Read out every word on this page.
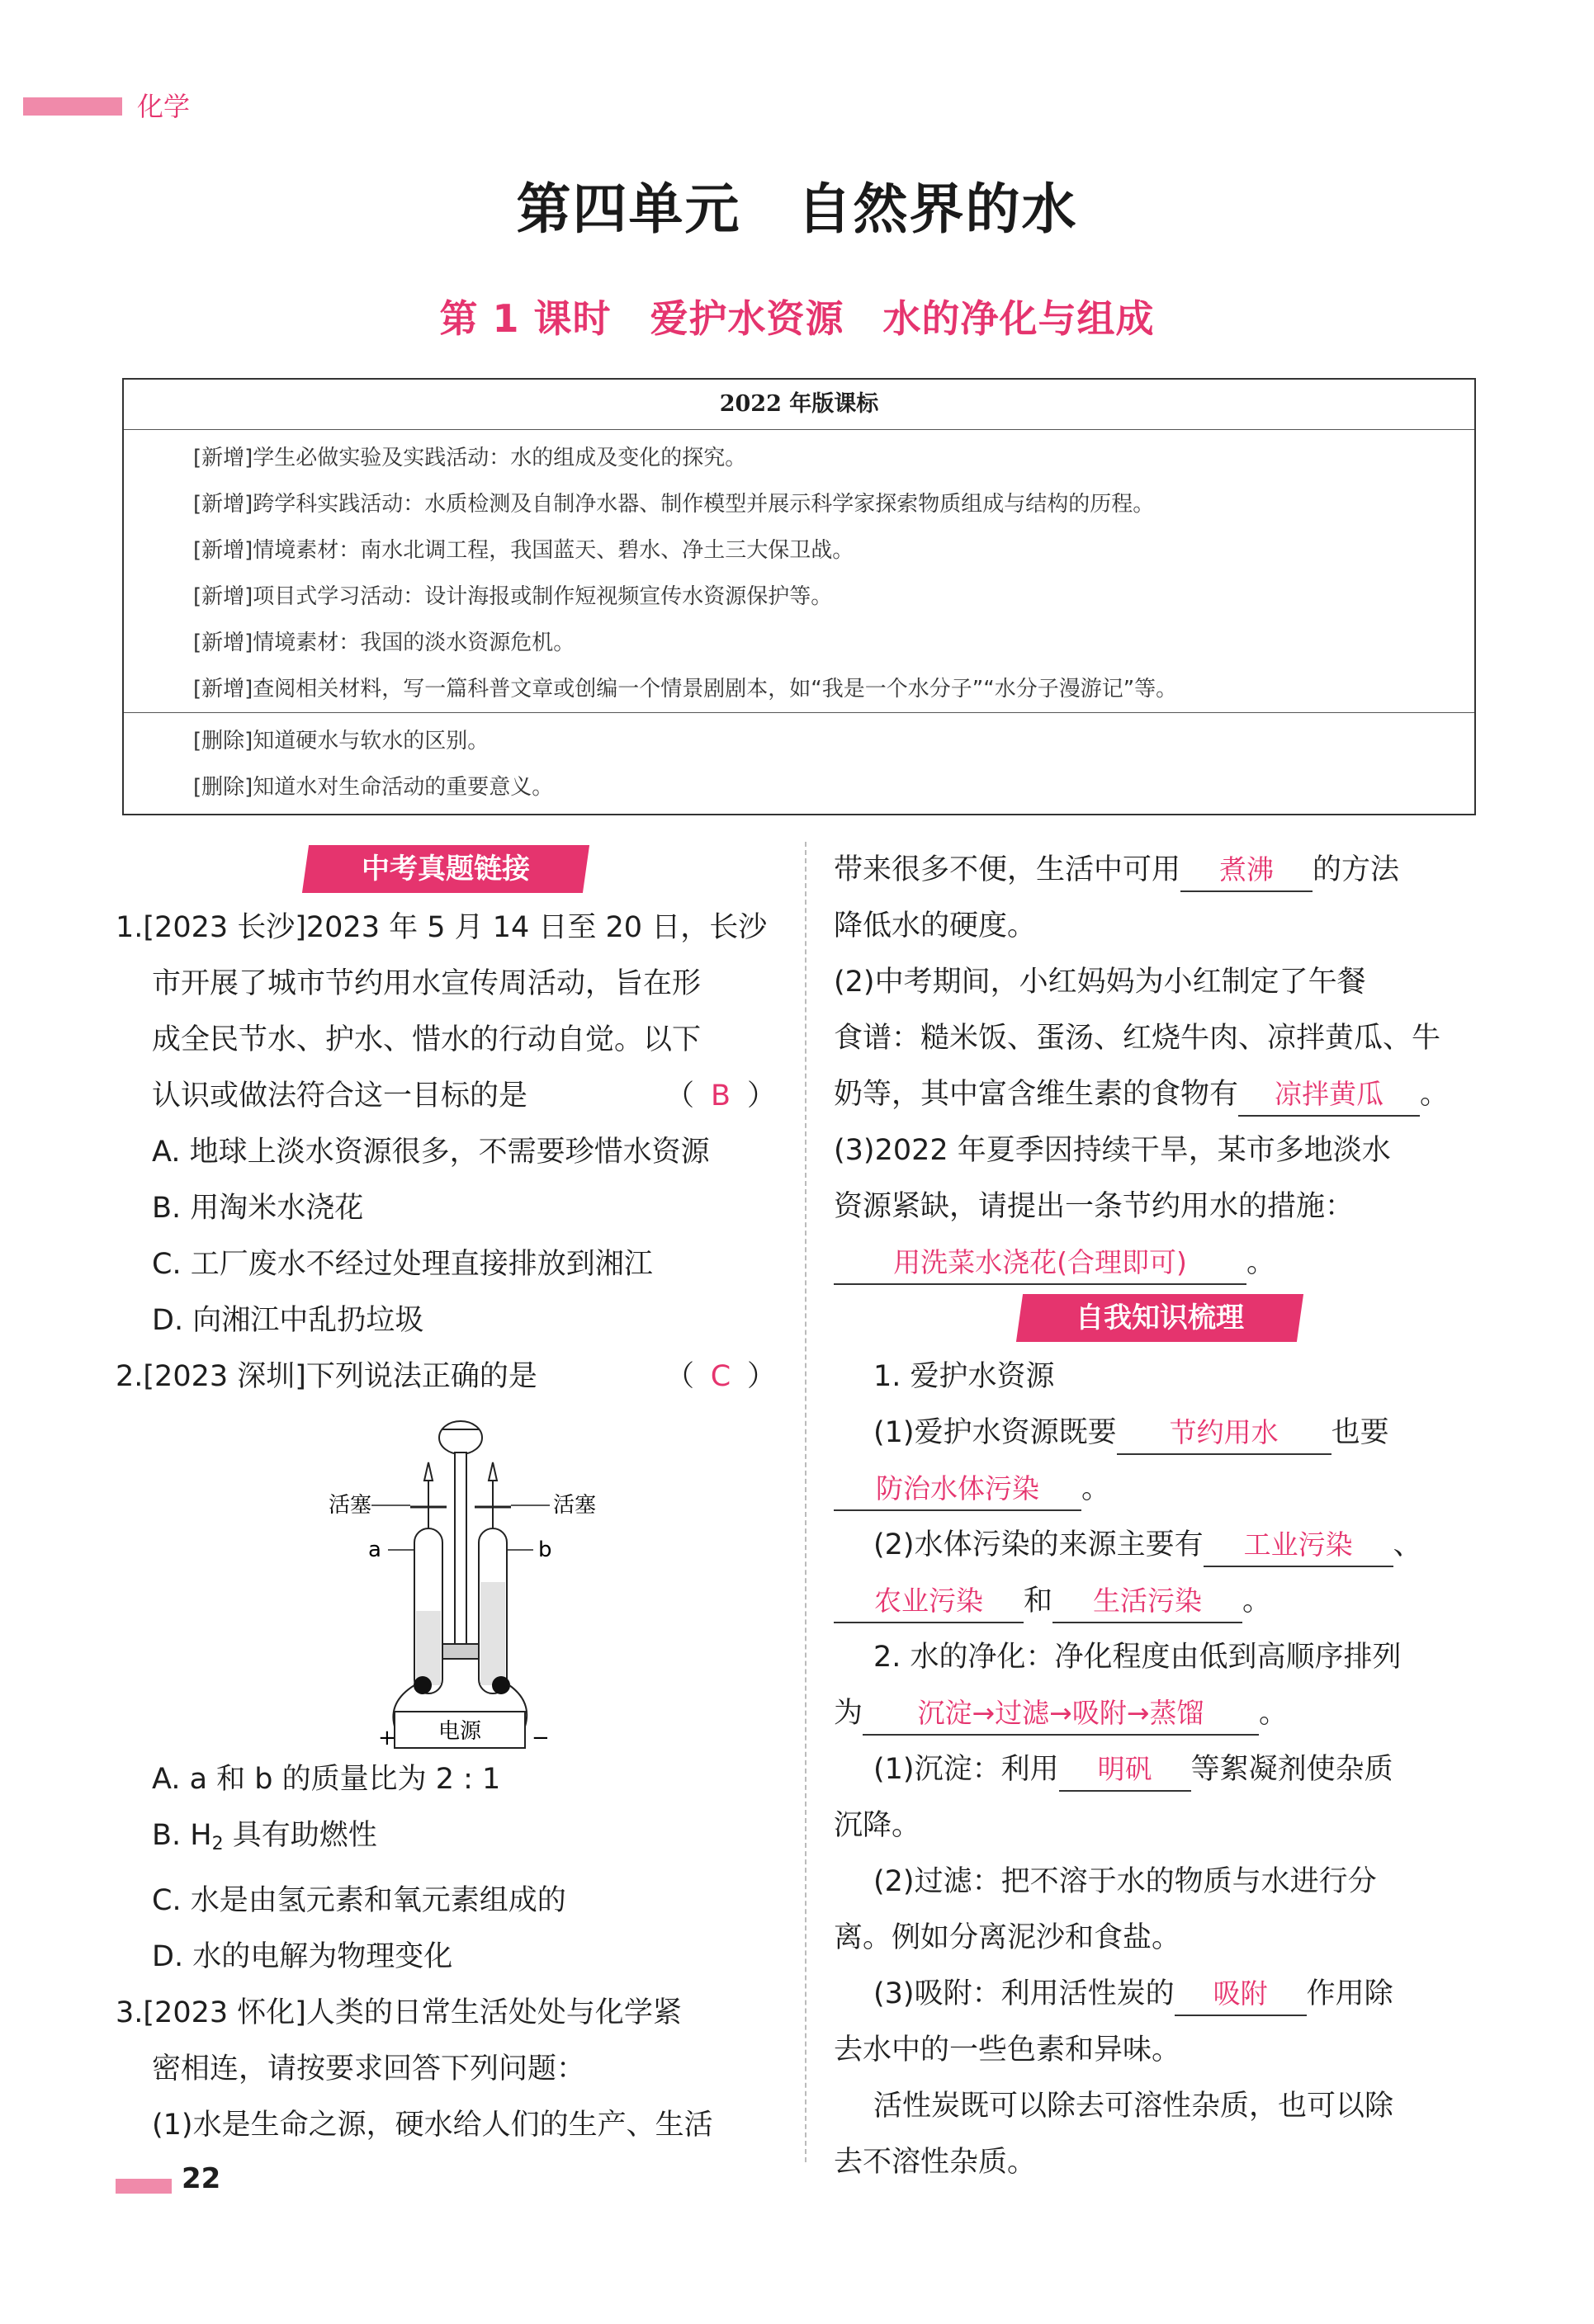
化学
第四单元　自然界的水
第 1 课时　爱护水资源　水的净化与组成
2022 年版课标
[新增]学生必做实验及实践活动：水的组成及变化的探究。
[新增]跨学科实践活动：水质检测及自制净水器、制作模型并展示科学家探索物质组成与结构的历程。
[新增]情境素材：南水北调工程，我国蓝天、碧水、净土三大保卫战。
[新增]项目式学习活动：设计海报或制作短视频宣传水资源保护等。
[新增]情境素材：我国的淡水资源危机。
[新增]查阅相关材料，写一篇科普文章或创编一个情景剧剧本，如“我是一个水分子”“水分子漫游记”等。
[删除]知道硬水与软水的区别。
[删除]知道水对生命活动的重要意义。
中考真题链接
1.[2023 长沙]2023 年 5 月 14 日至 20 日，长沙
市开展了城市节约用水宣传周活动，旨在形
成全民节水、护水、惜水的行动自觉。以下
认识或做法符合这一目标的是	（ B ）
A. 地球上淡水资源很多，不需要珍惜水资源
B. 用淘米水浇花
C. 工厂废水不经过处理直接排放到湘江
D. 向湘江中乱扔垃圾
2.[2023 深圳]下列说法正确的是	（ C ）
电源
+	−
活塞	活塞
a	b
A. a 和 b 的质量比为 2 : 1
B. $H_2$ 具有助燃性
C. 水是由氢元素和氧元素组成的
D. 水的电解为物理变化
3.[2023 怀化]人类的日常生活处处与化学紧
密相连，请按要求回答下列问题：
(1)水是生命之源，硬水给人们的生产、生活
带来很多不便，生活中可用 煮沸 的方法
降低水的硬度。
(2)中考期间，小红妈妈为小红制定了午餐
食谱：糙米饭、蛋汤、红烧牛肉、凉拌黄瓜、牛
奶等，其中富含维生素的食物有 凉拌黄瓜 。
(3)2022 年夏季因持续干旱，某市多地淡水
资源紧缺，请提出一条节约用水的措施：
用洗菜水浇花(合理即可) 。
自我知识梳理
1. 爱护水资源
(1)爱护水资源既要 节约用水 也要
防治水体污染 。
(2)水体污染的来源主要有 工业污染 、
农业污染 和 生活污染 。
2. 水的净化：净化程度由低到高顺序排列
为 沉淀→过滤→吸附→蒸馏 。
(1)沉淀：利用 明矾 等絮凝剂使杂质
沉降。
(2)过滤：把不溶于水的物质与水进行分
离。例如分离泥沙和食盐。
(3)吸附：利用活性炭的 吸附 作用除
去水中的一些色素和异味。
活性炭既可以除去可溶性杂质，也可以除
去不溶性杂质。
22
